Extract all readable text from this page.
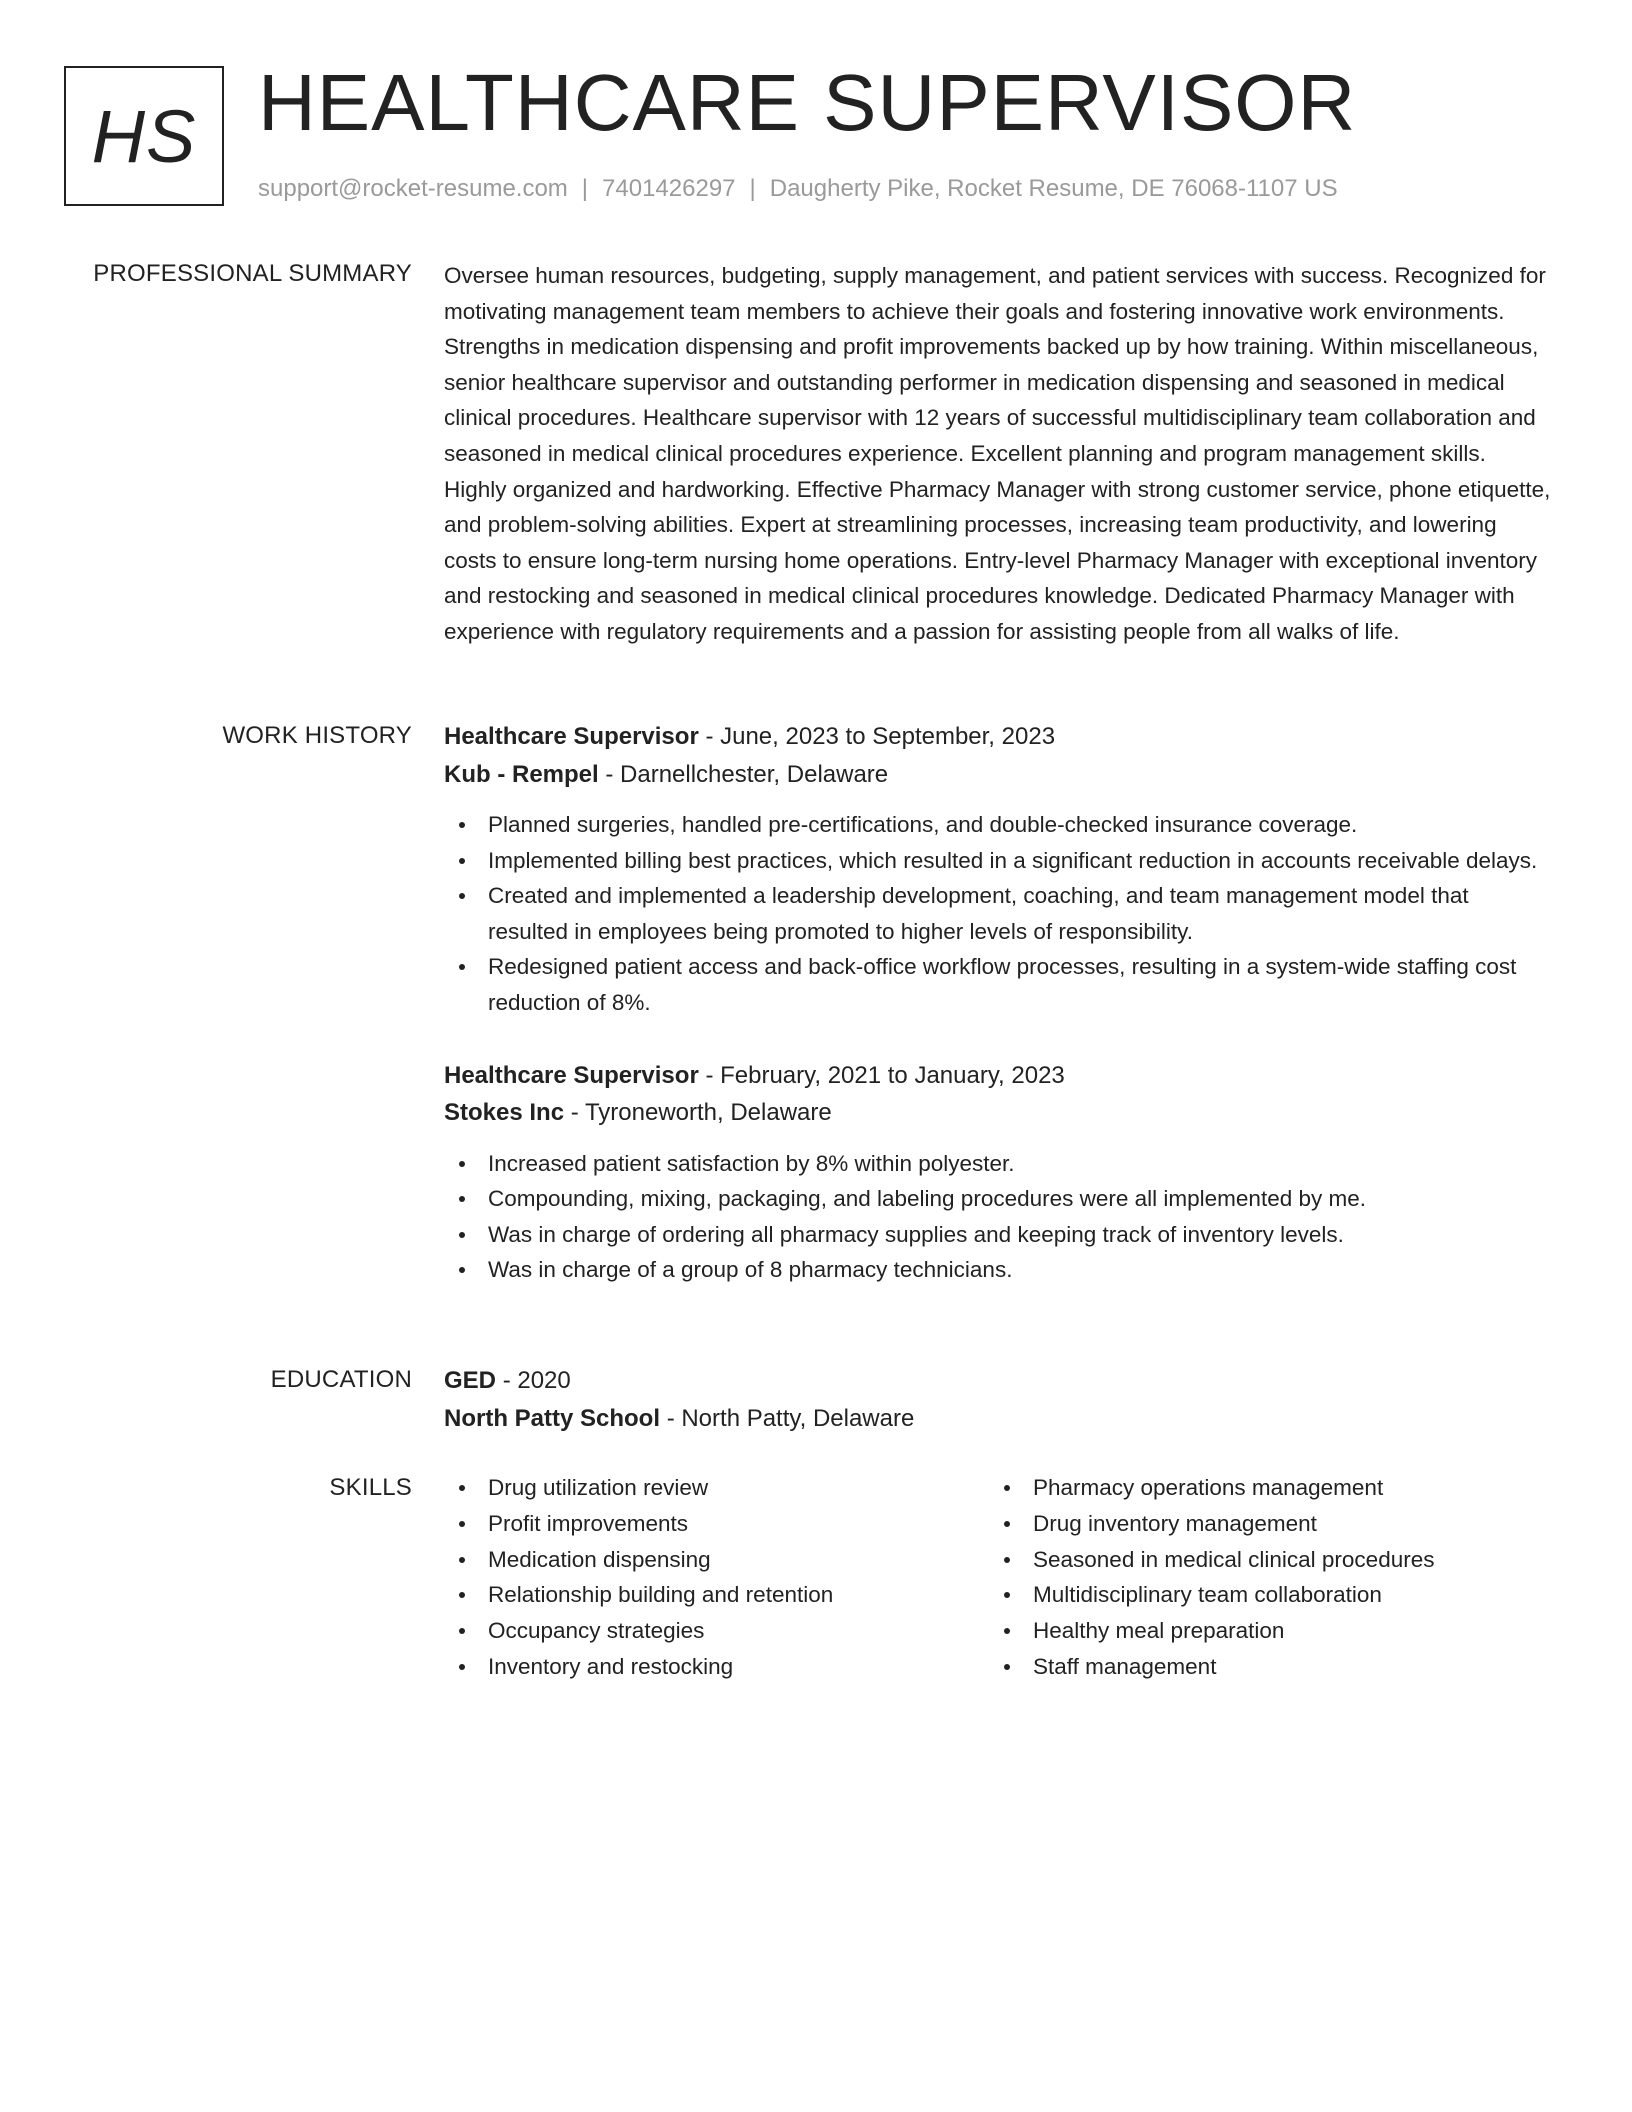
HS HEALTHCARE SUPERVISOR
support@rocket-resume.com | 7401426297 | Daugherty Pike, Rocket Resume, DE 76068-1107 US
PROFESSIONAL SUMMARY Oversee human resources, budgeting, supply management, and patient services with success. Recognized for motivating management team members to achieve their goals and fostering innovative work environments. Strengths in medication dispensing and profit improvements backed up by how training. Within miscellaneous, senior healthcare supervisor and outstanding performer in medication dispensing and seasoned in medical clinical procedures. Healthcare supervisor with 12 years of successful multidisciplinary team collaboration and seasoned in medical clinical procedures experience. Excellent planning and program management skills. Highly organized and hardworking. Effective Pharmacy Manager with strong customer service, phone etiquette, and problem-solving abilities. Expert at streamlining processes, increasing team productivity, and lowering costs to ensure long-term nursing home operations. Entry-level Pharmacy Manager with exceptional inventory and restocking and seasoned in medical clinical procedures knowledge. Dedicated Pharmacy Manager with experience with regulatory requirements and a passion for assisting people from all walks of life.

WORK HISTORY Healthcare Supervisor - June, 2023 to September, 2023
Kub - Rempel - Darnellchester, Delaware
Planned surgeries, handled pre-certifications, and double-checked insurance coverage.
Implemented billing best practices, which resulted in a significant reduction in accounts receivable delays.
Created and implemented a leadership development, coaching, and team management model that resulted in employees being promoted to higher levels of responsibility.
Redesigned patient access and back-office workflow processes, resulting in a system-wide staffing cost reduction of 8%.
Healthcare Supervisor - February, 2021 to January, 2023
Stokes Inc - Tyroneworth, Delaware
Increased patient satisfaction by 8% within polyester.
Compounding, mixing, packaging, and labeling procedures were all implemented by me.
Was in charge of ordering all pharmacy supplies and keeping track of inventory levels.
Was in charge of a group of 8 pharmacy technicians.
EDUCATION GED - 2020
North Patty School - North Patty, Delaware
SKILLS	Drug utilization review
Profit improvements
Medication dispensing
Relationship building and retention
Occupancy strategies
Inventory and restocking
Pharmacy operations management
Drug inventory management
Seasoned in medical clinical procedures
Multidisciplinary team collaboration
Healthy meal preparation
Staff management
